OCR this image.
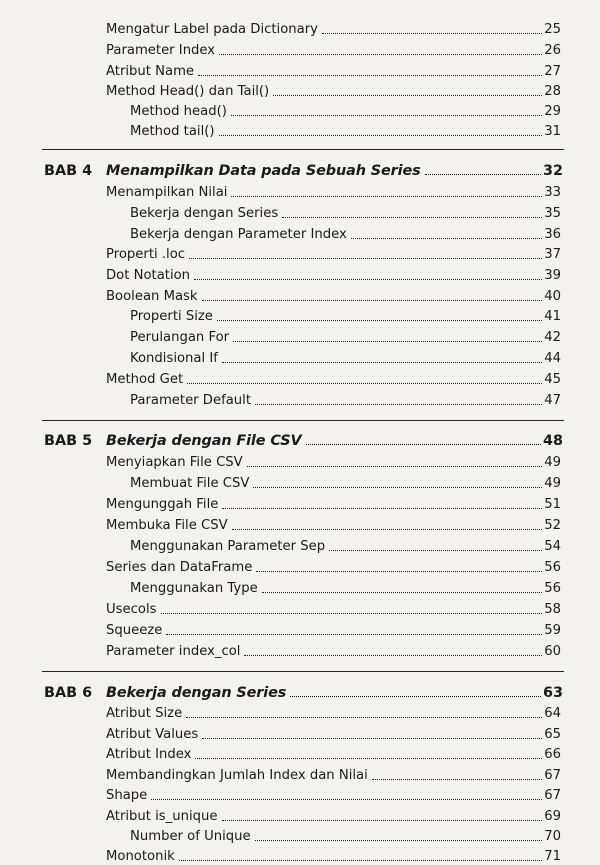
Mengatur Label pada Dictionary	25
Parameter Index	26
Atribut Name	27
Method Head() dan Tail()	28
Method head()	29
Method tail()	31
BAB 4 Menampilkan Data pada Sebuah Series	32
Menampilkan Nilai	33
Bekerja dengan Series	35
Bekerja dengan Parameter Index	36
Properti .loc	37
Dot Notation	39
Boolean Mask	40
Properti Size	41
Perulangan For	42
Kondisional If	44
Method Get	45
Parameter Default	47
BAB 5 Bekerja dengan File CSV	48
Menyiapkan File CSV	49
Membuat File CSV	49
Mengunggah File	51
Membuka File CSV	52
Menggunakan Parameter Sep	54
Series dan DataFrame	56
Menggunakan Type	56
Usecols	58
Squeeze	59
Parameter index_col	60
BAB 6 Bekerja dengan Series	63
Atribut Size	64
Atribut Values	65
Atribut Index	66
Membandingkan Jumlah Index dan Nilai	67
Shape	67
Atribut is_unique	69
Number of Unique	70
Monotonik	71
